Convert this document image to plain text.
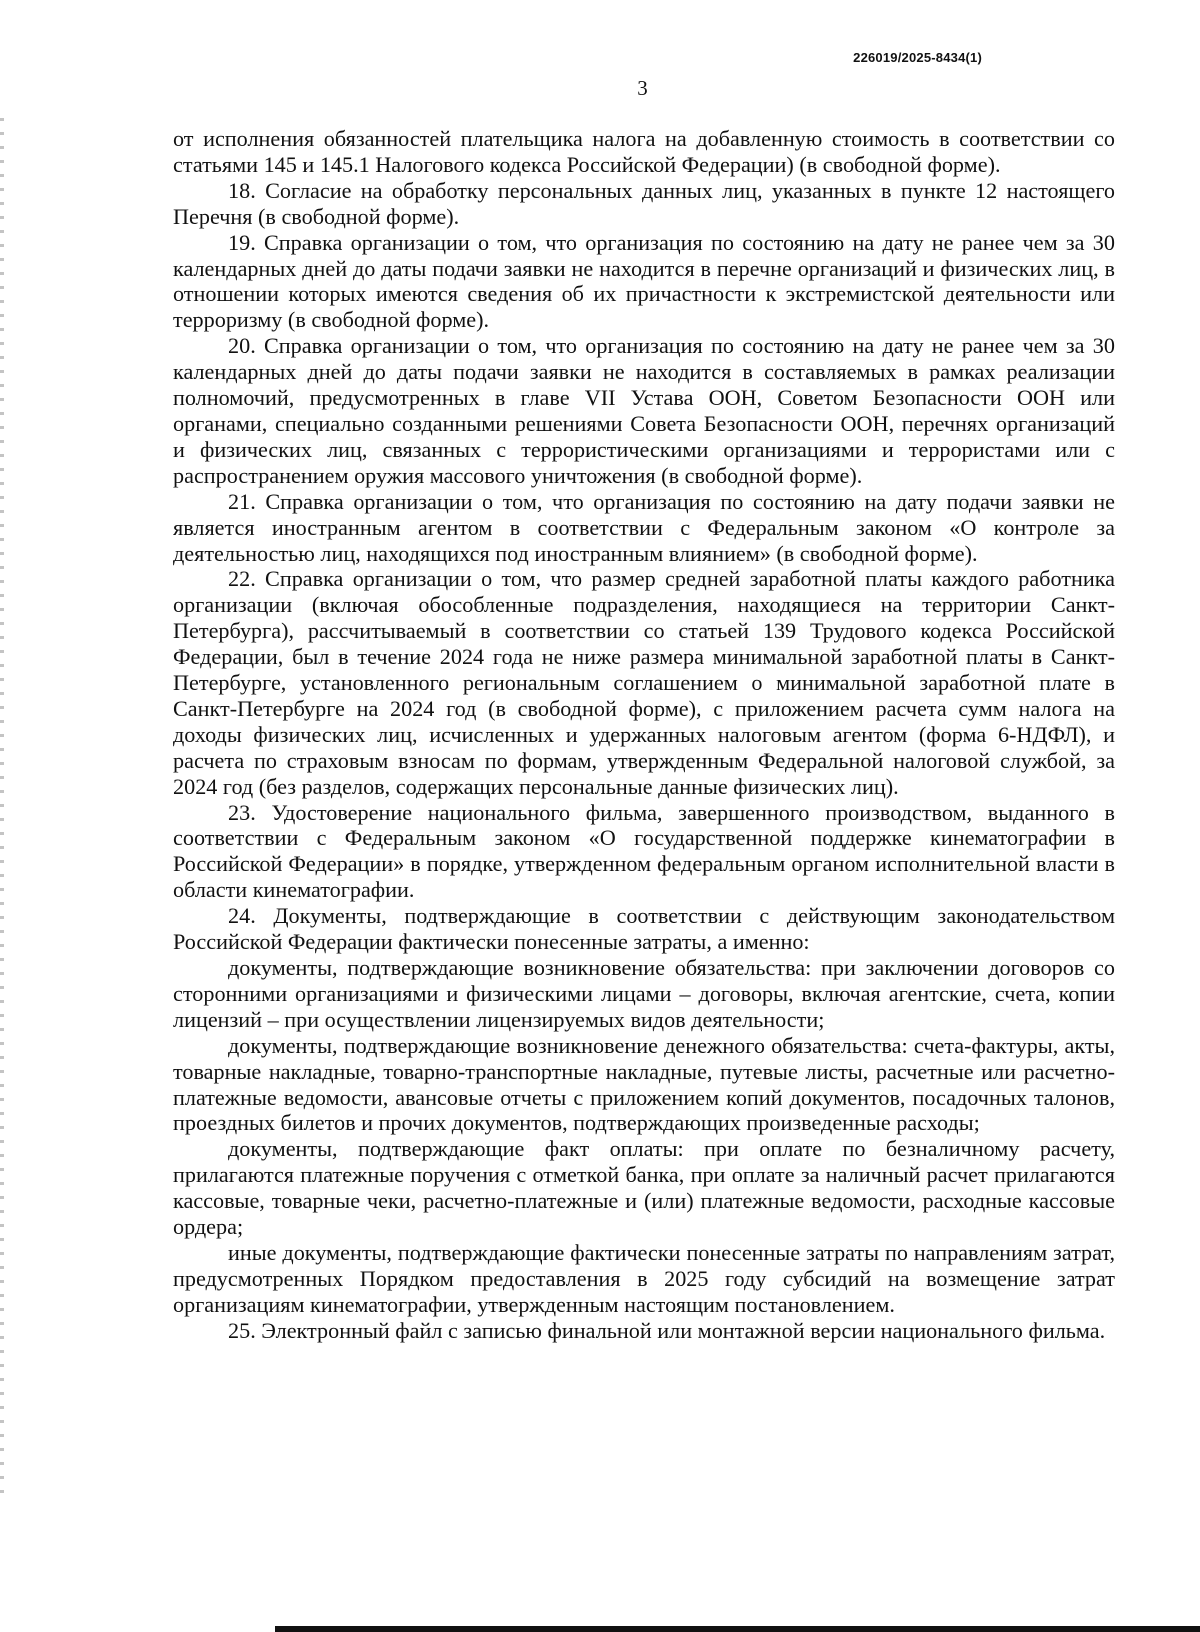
226019/2025-8434(1)
3

от исполнения обязанностей плательщика налога на добавленную стоимость в соответствии со статьями 145 и 145.1 Налогового кодекса Российской Федерации) (в свободной форме).

18. Согласие на обработку персональных данных лиц, указанных в пункте 12 настоящего Перечня (в свободной форме).

19. Справка организации о том, что организация по состоянию на дату не ранее чем за 30 календарных дней до даты подачи заявки не находится в перечне организаций и физических лиц, в отношении которых имеются сведения об их причастности к экстремистской деятельности или терроризму (в свободной форме).

20. Справка организации о том, что организация по состоянию на дату не ранее чем за 30 календарных дней до даты подачи заявки не находится в составляемых в рамках реализации полномочий, предусмотренных в главе VII Устава ООН, Советом Безопасности ООН или органами, специально созданными решениями Совета Безопасности ООН, перечнях организаций и физических лиц, связанных с террористическими организациями и террористами или с распространением оружия массового уничтожения (в свободной форме).

21. Справка организации о том, что организация по состоянию на дату подачи заявки не является иностранным агентом в соответствии с Федеральным законом «О контроле за деятельностью лиц, находящихся под иностранным влиянием» (в свободной форме).

22. Справка организации о том, что размер средней заработной платы каждого работника организации (включая обособленные подразделения, находящиеся на территории Санкт-Петербурга), рассчитываемый в соответствии со статьей 139 Трудового кодекса Российской Федерации, был в течение 2024 года не ниже размера минимальной заработной платы в Санкт-Петербурге, установленного региональным соглашением о минимальной заработной плате в Санкт-Петербурге на 2024 год (в свободной форме), с приложением расчета сумм налога на доходы физических лиц, исчисленных и удержанных налоговым агентом (форма 6-НДФЛ), и расчета по страховым взносам по формам, утвержденным Федеральной налоговой службой, за 2024 год (без разделов, содержащих персональные данные физических лиц).

23. Удостоверение национального фильма, завершенного производством, выданного в соответствии с Федеральным законом «О государственной поддержке кинематографии в Российской Федерации» в порядке, утвержденном федеральным органом исполнительной власти в области кинематографии.

24. Документы, подтверждающие в соответствии с действующим законодательством Российской Федерации фактически понесенные затраты, а именно:

документы, подтверждающие возникновение обязательства: при заключении договоров со сторонними организациями и физическими лицами – договоры, включая агентские, счета, копии лицензий – при осуществлении лицензируемых видов деятельности;

документы, подтверждающие возникновение денежного обязательства: счета-фактуры, акты, товарные накладные, товарно-транспортные накладные, путевые листы, расчетные или расчетно-платежные ведомости, авансовые отчеты с приложением копий документов, посадочных талонов, проездных билетов и прочих документов, подтверждающих произведенные расходы;

документы, подтверждающие факт оплаты: при оплате по безналичному расчету, прилагаются платежные поручения с отметкой банка, при оплате за наличный расчет прилагаются кассовые, товарные чеки, расчетно-платежные и (или) платежные ведомости, расходные кассовые ордера;

иные документы, подтверждающие фактически понесенные затраты по направлениям затрат, предусмотренных Порядком предоставления в 2025 году субсидий на возмещение затрат организациям кинематографии, утвержденным настоящим постановлением.

25. Электронный файл с записью финальной или монтажной версии национального фильма.
